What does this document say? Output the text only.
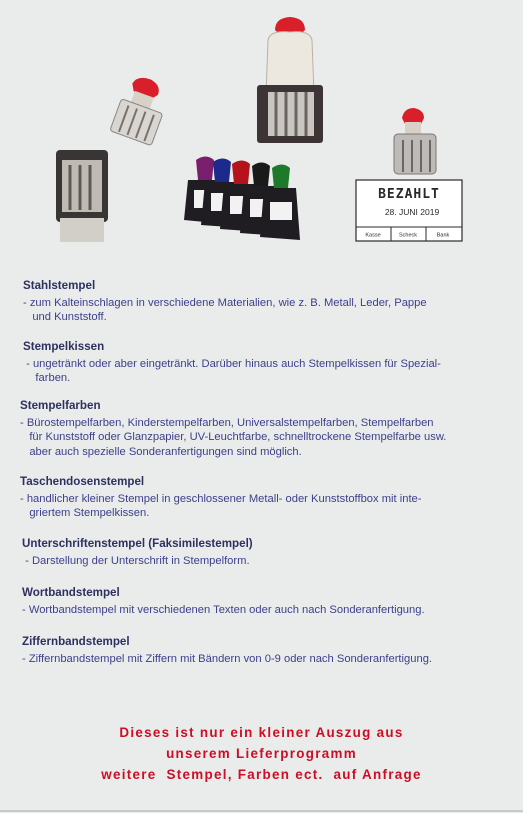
BEZAHLT
28. JUNI 2019
Kasse	Scheck	Bank
Stahlstempel
- zum Kalteinschlagen in verschiedene Materialien, wie z. B. Metall, Leder, Pappe
und Kunststoff.
Stempelkissen
- ungetränkt oder aber eingetränkt. Darüber hinaus auch Stempelkissen für Spezial-
farben.
Stempelfarben
- Bürostempelfarben, Kinderstempelfarben, Universalstempelfarben, Stempelfarben
für Kunststoff oder Glanzpapier, UV-Leuchtfarbe, schnelltrockene Stempelfarbe usw.
aber auch spezielle Sonderanfertigungen sind möglich.
Taschendosenstempel
- handlicher kleiner Stempel in geschlossener Metall- oder Kunststoffbox mit inte-
griertem Stempelkissen.
Unterschriftenstempel (Faksimilestempel)
- Darstellung der Unterschrift in Stempelform.
Wortbandstempel
- Wortbandstempel mit verschiedenen Texten oder auch nach Sonderanfertigung.
Ziffernbandstempel
- Ziffernbandstempel mit Ziffern mit Bändern von 0-9 oder nach Sonderanfertigung.
Dieses ist nur ein kleiner Auszug aus
unserem Lieferprogramm
weitere  Stempel, Farben ect.  auf Anfrage
